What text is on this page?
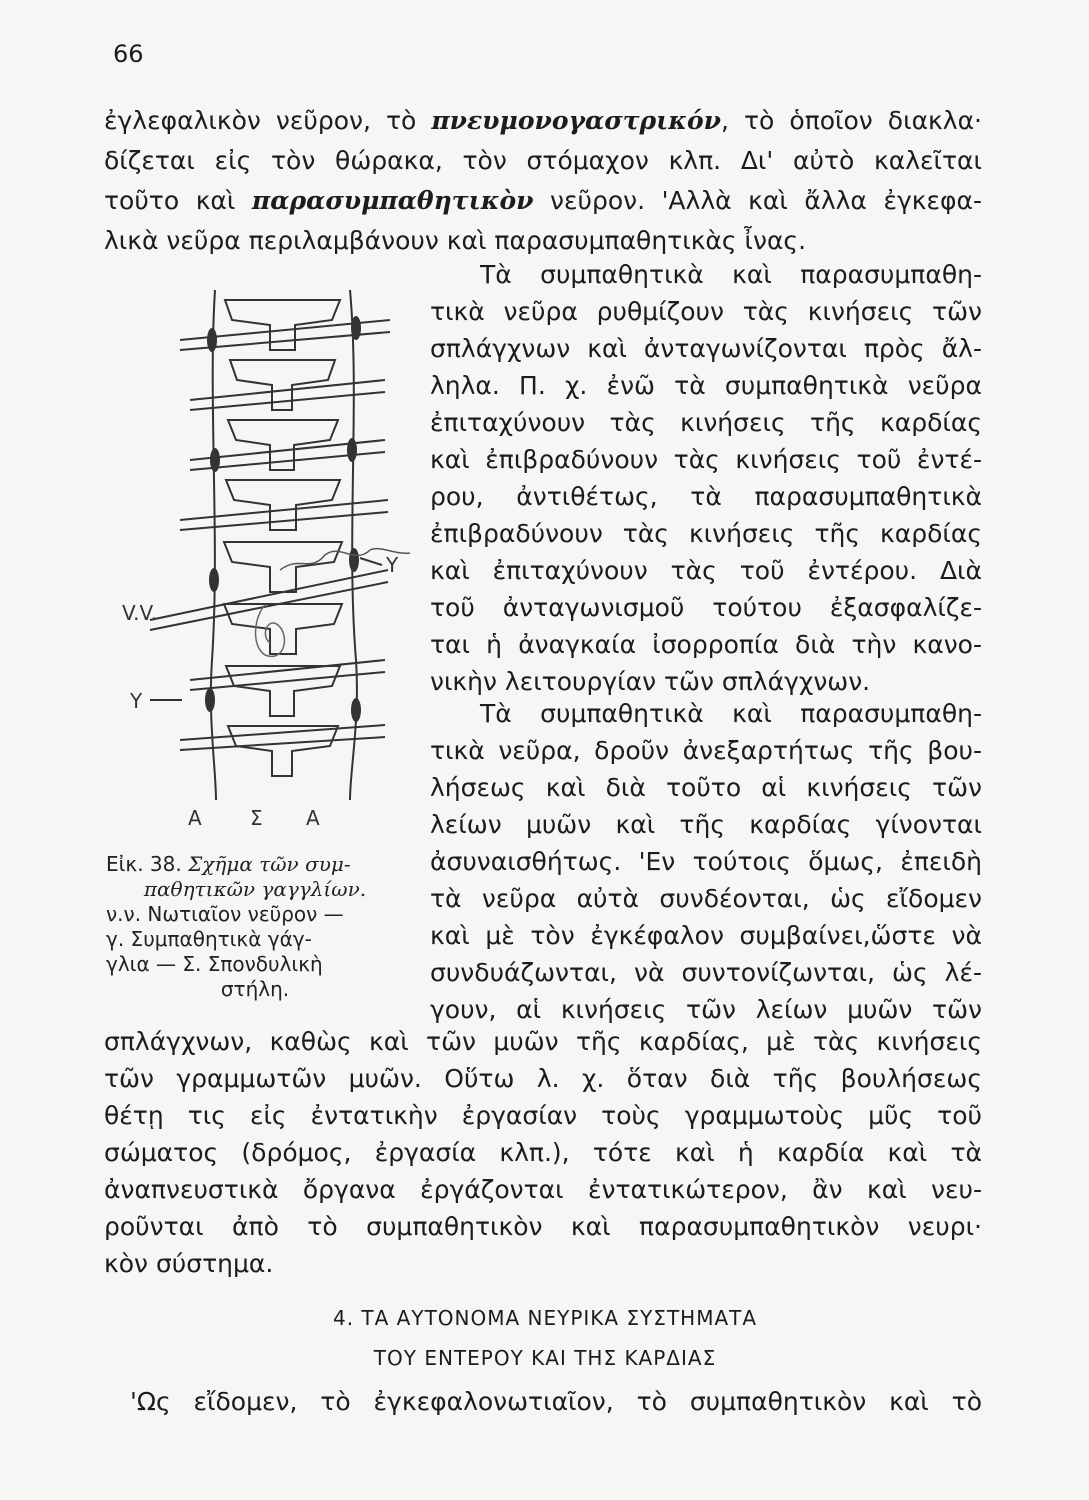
66
ἐγλεφαλικὸν νεῦρον, τὸ πνευμονογαστρικόν, τὸ ὁποῖον διακλα·
δίζεται εἰς τὸν θώρακα, τὸν στόμαχον κλπ. Δι' αὐτὸ καλεῖται
τοῦτο καὶ παρασυμπαθητικὸν νεῦρον. 'Αλλὰ καὶ ἄλλα ἐγκεφα-
λικὰ νεῦρα περιλαμβάνουν καὶ παρασυμπαθητικὰς ἶνας.
Τὰ συμπαθητικὰ καὶ παρασυμπαθη-
τικὰ νεῦρα ρυθμίζουν τὰς κινήσεις τῶν
σπλάγχνων καὶ ἀνταγωνίζονται πρὸς ἄλ-
ληλα. Π. χ. ἐνῶ τὰ συμπαθητικὰ νεῦρα
ἐπιταχύνουν τὰς κινήσεις τῆς καρδίας
καὶ ἐπιβραδύνουν τὰς κινήσεις τοῦ ἐντέ-
ρου, ἀντιθέτως, τὰ παρασυμπαθητικὰ
ἐπιβραδύνουν τὰς κινήσεις τῆς καρδίας
καὶ ἐπιταχύνουν τὰς τοῦ ἐντέρου. Διὰ
τοῦ ἀνταγωνισμοῦ τούτου ἐξασφαλίζε-
ται ἡ ἀναγκαία ἰσορροπία διὰ τὴν κανο-
νικὴν λειτουργίαν τῶν σπλάγχνων.
Τὰ συμπαθητικὰ καὶ παρασυμπαθη-
τικὰ νεῦρα, δροῦν ἀνεξαρτήτως τῆς βου-
λήσεως καὶ διὰ τοῦτο αἱ κινήσεις τῶν
λείων μυῶν καὶ τῆς καρδίας γίνονται
ἀσυναισθήτως. 'Εν τούτοις ὅμως, ἐπειδὴ
τὰ νεῦρα αὐτὰ συνδέονται, ὡς εἴδομεν
καὶ μὲ τὸν ἐγκέφαλον συμβαίνει,ὥστε νὰ
συνδυάζωνται, νὰ συντονίζωνται, ὡς λέ-
γουν, αἱ κινήσεις τῶν λείων μυῶν τῶν
σπλάγχνων, καθὼς καὶ τῶν μυῶν τῆς καρδίας, μὲ τὰς κινήσεις
τῶν γραμμωτῶν μυῶν. Οὕτω λ. χ. ὅταν διὰ τῆς βουλήσεως
θέτῃ τις εἰς ἐντατικὴν ἐργασίαν τοὺς γραμμωτοὺς μῦς τοῦ
σώματος (δρόμος, ἐργασία κλπ.), τότε καὶ ἡ καρδία καὶ τὰ
ἀναπνευστικὰ ὄργανα ἐργάζονται ἐντατικώτερον, ἂν καὶ νευ-
ροῦνται ἀπὸ τὸ συμπαθητικὸν καὶ παρασυμπαθητικὸν νευρι·
κὸν σύστημα.
V.V.
Y
Y
Α Σ Α
Εἰκ. 38. Σχῆμα τῶν συμ-
παθητικῶν γαγγλίων.
ν.ν. Νωτιαῖον νεῦρον —
γ. Συμπαθητικὰ γάγ-
γλια — Σ. Σπονδυλικὴ
στήλη.
4. ΤΑ ΑΥΤΟΝΟΜΑ ΝΕΥΡΙΚΑ ΣΥΣΤΗΜΑΤΑ
ΤΟΥ ΕΝΤΕΡΟΥ ΚΑΙ ΤΗΣ ΚΑΡΔΙΑΣ
'Ως εἴδομεν, τὸ ἐγκεφαλονωτιαῖον, τὸ συμπαθητικὸν καὶ τὸ
